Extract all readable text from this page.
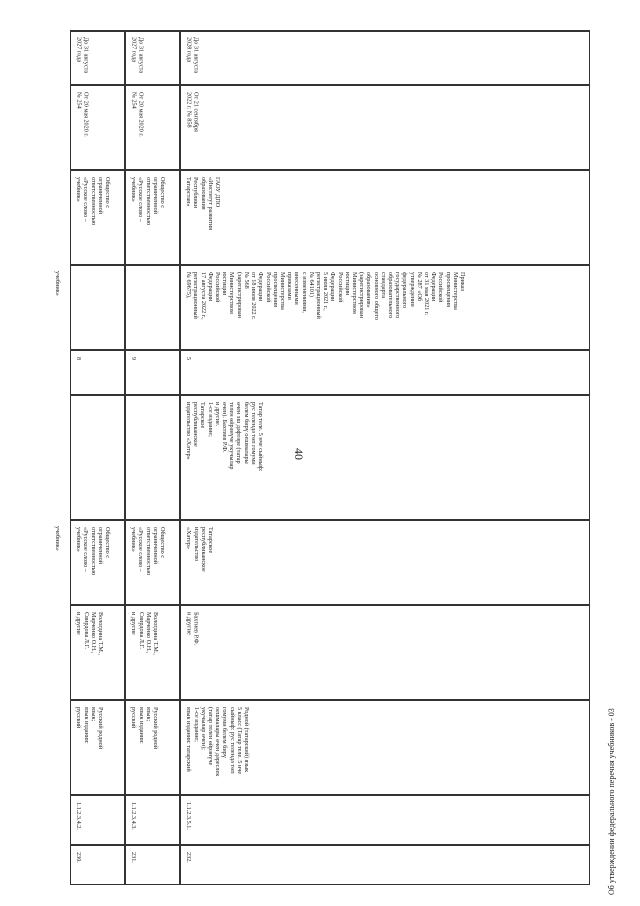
40
До 31 августа
2027 года
От 20 мая 2020 г.
№ 254
Общество с
ограниченной
ответственностью
«Русское слово –
учебник»
8
Общество с
ограниченной
ответственностью
«Русское слово –
учебник»
Вологдина Т.М.,
Марченко О.Н.,
Свирдова Л.Г.
и другие
Русский родной язык;
язык издания: русский
1.1.2.3.4.2.
230.
До 31 августа
2027 года
От 20 мая 2020 г.
№ 254
Общество с
ограниченной
ответственностью
«Русское слово –
учебник»
9
Общество с
ограниченной
ответственностью
«Русское слово –
учебник»
Вологдина Т.М.,
Марченко О.Н.,
Свирдова Л.Г.
и другие
Русский родной язык;
язык издания: русский
1.1.2.3.4.3.
231.
До 31 августа
2028 года
От 21 сентября
2022 г. № 858
ГАОУ ДПО
«Институт развития
образования
Республики
Татарстан»
Приказ
Министерства
просвещения
Российской
Федерации
от 31 мая 2021 г.
№ 287 «Об
утверждении
федерального
государственного
образовательного
стандарта
основного общего
образования»
(зарегистрирован
Министерством
юстиции
Российской
Федерации
5 июля 2021 г.,
регистрационный
№ 64101)
с изменениями,
внесенными
приказами
Министерства
просвещения
Российской
Федерации
от 18 июля 2022 г.
№ 568
(зарегистрирован
Министерством
юстиции
Российской
Федерации
17 августа 2022 г.,
регистрационный
№ 69675),
5
Татар теле. 5 нче сыйныф:
рус телендә төп гомуми
белем бирү оешмалары
өчен эш дәфтәре (татар
телен өйрәнүче укучылар
өчен). Бахтиев Р.Ф.
и другие.
1-се издание;
Татарское
республиканское
издательство «Хәтер»
Татарское
республиканское
издательство
«Хәтер»
Бахтиев Р.Ф.
и другие
Родной (татарский) язык
5 класс (Татар теле. 5 нче
сыйныф: рус телендә төп
гомуми белем бирү
оешмалары өчен дәреслек
(татар телен өйрәнүче
укучылар өчен);
1-се издание;
язык издания: татарский
1.1.2.3.5.1.
232.
учебник»
учебник»
Об утверждении федерального перечня учебников - 03
